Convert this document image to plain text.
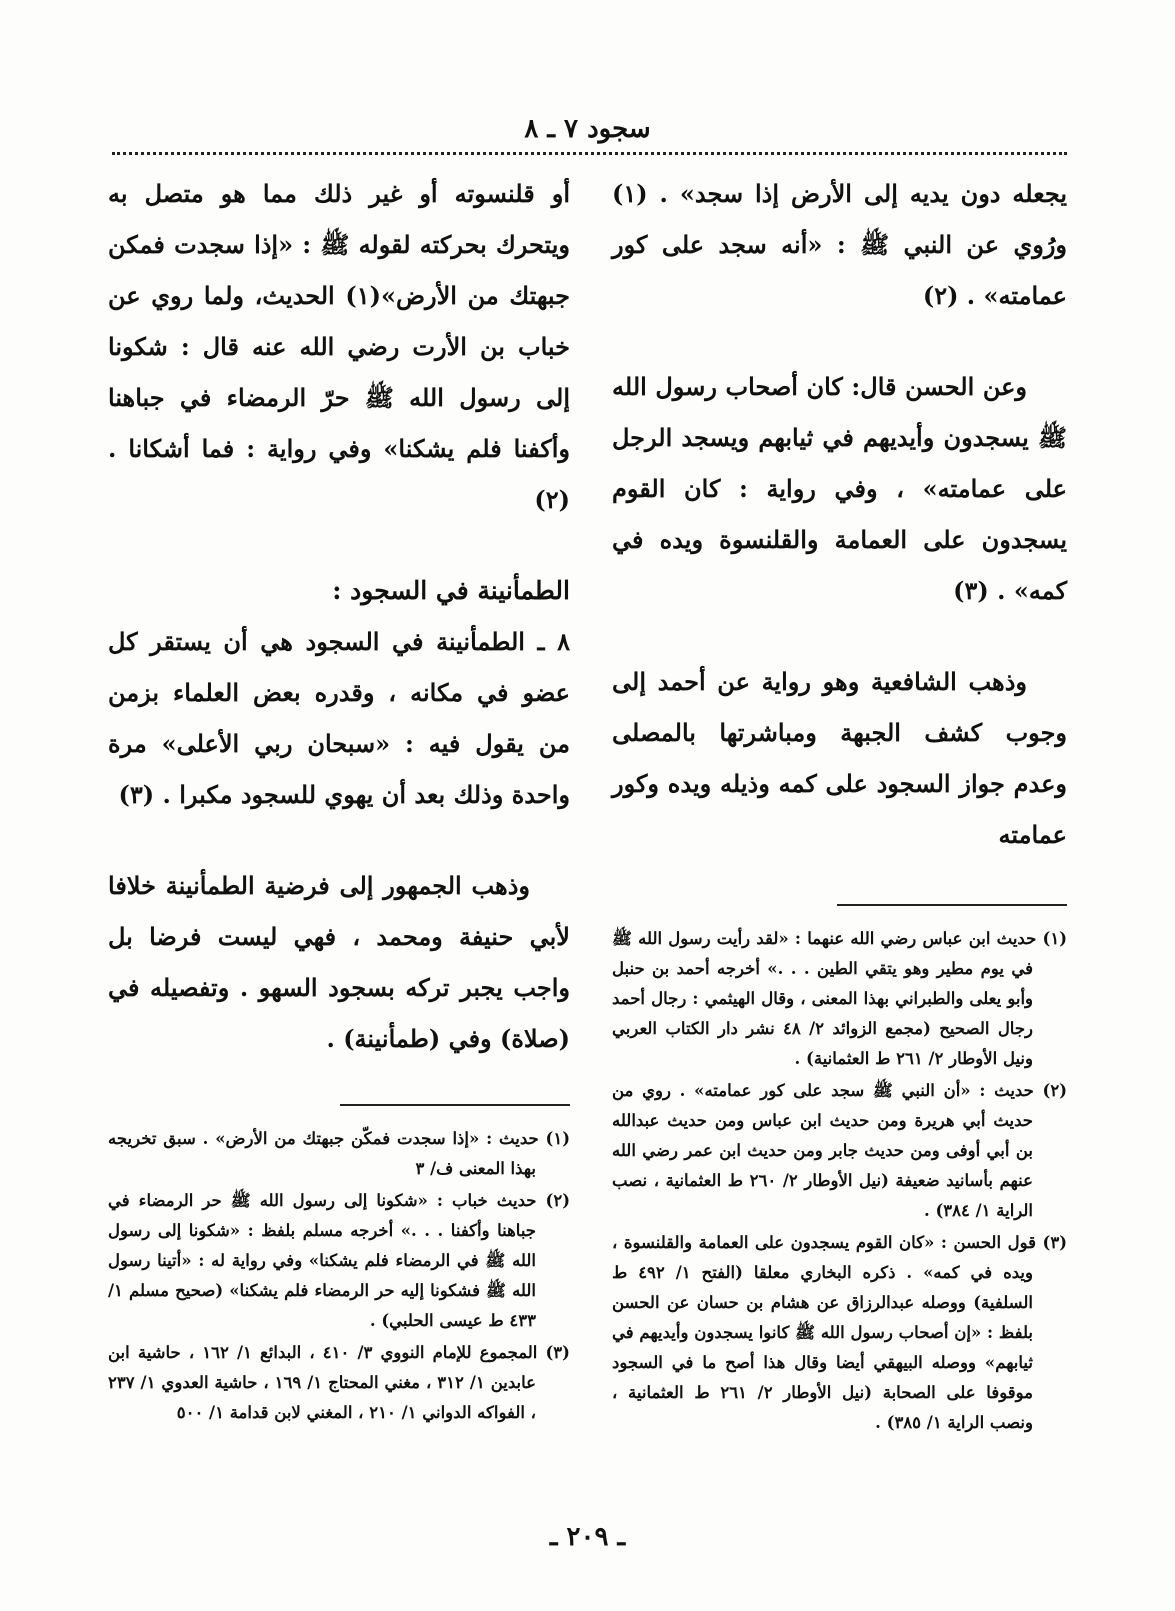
سجود ٧ ـ ٨

يجعله دون يديه إلى الأرض إذا سجد» . (١) ورُوي عن النبي ﷺ : «أنه سجد على كور عمامته» . (٢)

وعن الحسن قال: كان أصحاب رسول الله ﷺ يسجدون وأيديهم في ثيابهم ويسجد الرجل على عمامته» ، وفي رواية : كان القوم يسجدون على العمامة والقلنسوة ويده في كمه» . (٣)

وذهب الشافعية وهو رواية عن أحمد إلى وجوب كشف الجبهة ومباشرتها بالمصلى وعدم جواز السجود على كمه وذيله ويده وكور عمامته

(١) حديث ابن عباس رضي الله عنهما : «لقد رأيت رسول الله ﷺ في يوم مطير وهو يتقي الطين . . .» أخرجه أحمد بن حنبل وأبو يعلى والطبراني بهذا المعنى ، وقال الهيثمي : رجال أحمد رجال الصحيح (مجمع الزوائد ٢/ ٤٨ نشر دار الكتاب العربي ونيل الأوطار ٢/ ٢٦١ ط العثمانية) .

(٢) حديث : «أن النبي ﷺ سجد على كور عمامته» . روي من حديث أبي هريرة ومن حديث ابن عباس ومن حديث عبدالله بن أبي أوفى ومن حديث جابر ومن حديث ابن عمر رضي الله عنهم بأسانيد ضعيفة (نيل الأوطار ٢/ ٢٦٠ ط العثمانية ، نصب الراية ١/ ٣٨٤) .

(٣) قول الحسن : «كان القوم يسجدون على العمامة والقلنسوة ، ويده في كمه» . ذكره البخاري معلقا (الفتح ١/ ٤٩٢ ط السلفية) ووصله عبدالرزاق عن هشام بن حسان عن الحسن بلفظ : «إن أصحاب رسول الله ﷺ كانوا يسجدون وأيديهم في ثيابهم» ووصله البيهقي أيضا وقال هذا أصح ما في السجود موقوفا على الصحابة (نيل الأوطار ٢/ ٢٦١ ط العثمانية ، ونصب الراية ١/ ٣٨٥) .

أو قلنسوته أو غير ذلك مما هو متصل به ويتحرك بحركته لقوله ﷺ : «إذا سجدت فمكن جبهتك من الأرض»(١) الحديث، ولما روي عن خباب بن الأرت رضي الله عنه قال : شكونا إلى رسول الله ﷺ حرّ الرمضاء في جباهنا وأكفنا فلم يشكنا» وفي رواية : فما أشكانا . (٢)

الطمأنينة في السجود :

٨ ـ الطمأنينة في السجود هي أن يستقر كل عضو في مكانه ، وقدره بعض العلماء بزمن من يقول فيه : «سبحان ربي الأعلى» مرة واحدة وذلك بعد أن يهوي للسجود مكبرا . (٣)

وذهب الجمهور إلى فرضية الطمأنينة خلافا لأبي حنيفة ومحمد ، فهي ليست فرضا بل واجب يجبر تركه بسجود السهو . وتفصيله في (صلاة) وفي (طمأنينة) .

(١) حديث : «إذا سجدت فمكّن جبهتك من الأرض» . سبق تخريجه بهذا المعنى ف/ ٣

(٢) حديث خباب : «شكونا إلى رسول الله ﷺ حر الرمضاء في جباهنا وأكفنا . . .» أخرجه مسلم بلفظ : «شكونا إلى رسول الله ﷺ في الرمضاء فلم يشكنا» وفي رواية له : «أتينا رسول الله ﷺ فشكونا إليه حر الرمضاء فلم يشكنا» (صحيح مسلم ١/ ٤٣٣ ط عيسى الحلبي) .

(٣) المجموع للإمام النووي ٣/ ٤١٠ ، البدائع ١/ ١٦٢ ، حاشية ابن عابدين ١/ ٣١٢ ، مغني المحتاج ١/ ١٦٩ ، حاشية العدوي ١/ ٢٣٧ ، الفواكه الدواني ١/ ٢١٠ ، المغني لابن قدامة ١/ ٥٠٠

ـ ٢٠٩ ـ
